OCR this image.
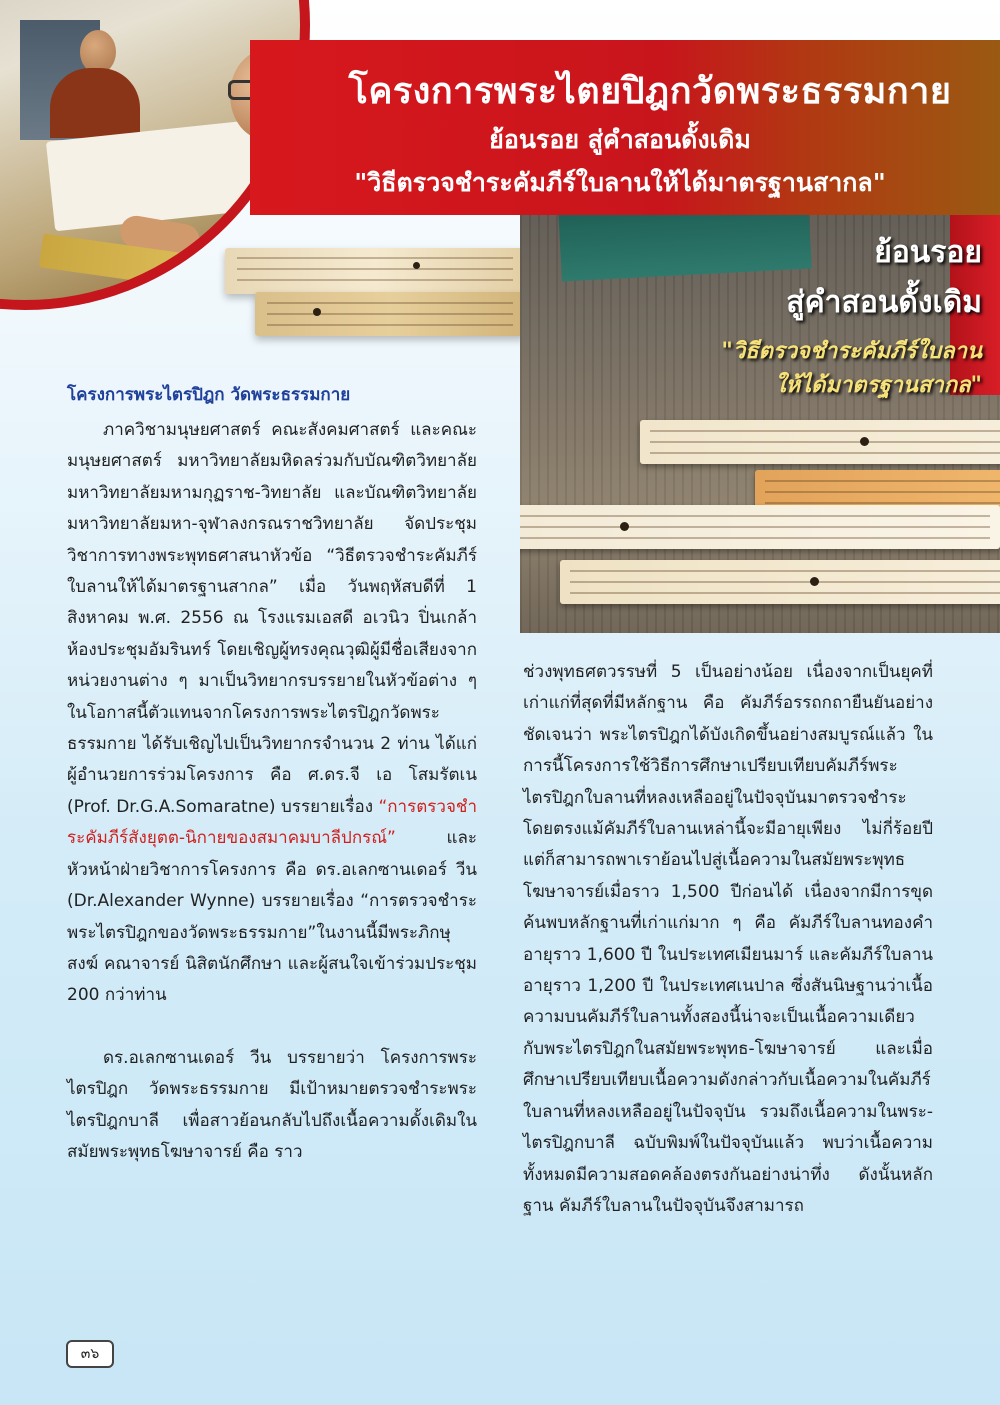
โครงการพระไตยปิฎกวัดพระธรรมกาย
ย้อนรอย สู่คำสอนดั้งเดิม
"วิธีตรวจชำระคัมภีร์ใบลานให้ได้มาตรฐานสากล"
ย้อนรอย
สู่คำสอนดั้งเดิม
"วิธีตรวจชำระคัมภีร์ใบลาน
ให้ได้มาตรฐานสากล"
โครงการพระไตรปิฎก วัดพระธรรมกาย

ภาควิชามนุษยศาสตร์ คณะสังคมศาสตร์ และคณะมนุษยศาสตร์ มหาวิทยาลัยมหิดลร่วมกับบัณฑิตวิทยาลัย มหาวิทยาลัยมหามกุฏราช-วิทยาลัย และบัณฑิตวิทยาลัย มหาวิทยาลัยมหา-จุฬาลงกรณราชวิทยาลัย จัดประชุมวิชาการทางพระพุทธศาสนาหัวข้อ “วิธีตรวจชำระคัมภีร์ใบลานให้ได้มาตรฐานสากล” เมื่อ วันพฤหัสบดีที่ 1 สิงหาคม พ.ศ. 2556 ณ โรงแรมเอสดี อเวนิว ปิ่นเกล้า ห้องประชุมอัมรินทร์ โดยเชิญผู้ทรงคุณวุฒิผู้มีชื่อเสียงจากหน่วยงานต่าง ๆ มาเป็นวิทยากรบรรยายในหัวข้อต่าง ๆ ในโอกาสนี้ตัวแทนจากโครงการพระไตรปิฎกวัดพระธรรมกาย ได้รับเชิญไปเป็นวิทยากรจำนวน 2 ท่าน ได้แก่ ผู้อำนวยการร่วมโครงการ คือ ศ.ดร.จี เอ โสมรัตเน (Prof. Dr.G.A.Somaratne) บรรยายเรื่อง “การตรวจชำระคัมภีร์สังยุตต-นิกายของสมาคมบาลีปกรณ์” และหัวหน้าฝ่ายวิชาการโครงการ คือ ดร.อเลกซานเดอร์ วีน (Dr.Alexander Wynne) บรรยายเรื่อง “การตรวจชำระพระไตรปิฎกของวัดพระธรรมกาย”ในงานนี้มีพระภิกษุสงฆ์ คณาจารย์ นิสิตนักศึกษา และผู้สนใจเข้าร่วมประชุม 200 กว่าท่าน

ดร.อเลกซานเดอร์ วีน บรรยายว่า โครงการพระไตรปิฎก วัดพระธรรมกาย มีเป้าหมายตรวจชำระพระไตรปิฎกบาลี เพื่อสาวย้อนกลับไปถึงเนื้อความดั้งเดิมในสมัยพระพุทธโฆษาจารย์ คือ ราว

ช่วงพุทธศตวรรษที่ 5 เป็นอย่างน้อย เนื่องจากเป็นยุคที่เก่าแก่ที่สุดที่มีหลักฐาน คือ คัมภีร์อรรถกถายืนยันอย่างชัดเจนว่า พระไตรปิฎกได้บังเกิดขึ้นอย่างสมบูรณ์แล้ว ในการนี้โครงการใช้วิธีการศึกษาเปรียบเทียบคัมภีร์พระไตรปิฎกใบลานที่หลงเหลืออยู่ในปัจจุบันมาตรวจชำระโดยตรงแม้คัมภีร์ใบลานเหล่านี้จะมีอายุเพียง ไม่กี่ร้อยปี แต่ก็สามารถพาเราย้อนไปสู่เนื้อความในสมัยพระพุทธโฆษาจารย์เมื่อราว 1,500 ปีก่อนได้ เนื่องจากมีการขุดค้นพบหลักฐานที่เก่าแก่มาก ๆ คือ คัมภีร์ใบลานทองคำอายุราว 1,600 ปี ในประเทศเมียนมาร์ และคัมภีร์ใบลานอายุราว 1,200 ปี ในประเทศเนปาล ซึ่งสันนิษฐานว่าเนื้อความบนคัมภีร์ใบลานทั้งสองนี้น่าจะเป็นเนื้อความเดียว กับพระไตรปิฎกในสมัยพระพุทธ-โฆษาจารย์ และเมื่อศึกษาเปรียบเทียบเนื้อความดังกล่าวกับเนื้อความในคัมภีร์ใบลานที่หลงเหลืออยู่ในปัจจุบัน รวมถึงเนื้อความในพระ-ไตรปิฎกบาลี ฉบับพิมพ์ในปัจจุบันแล้ว พบว่าเนื้อความทั้งหมดมีความสอดคล้องตรงกันอย่างน่าทึ่ง ดังนั้นหลักฐาน คัมภีร์ใบลานในปัจจุบันจึงสามารถ

๓๖
